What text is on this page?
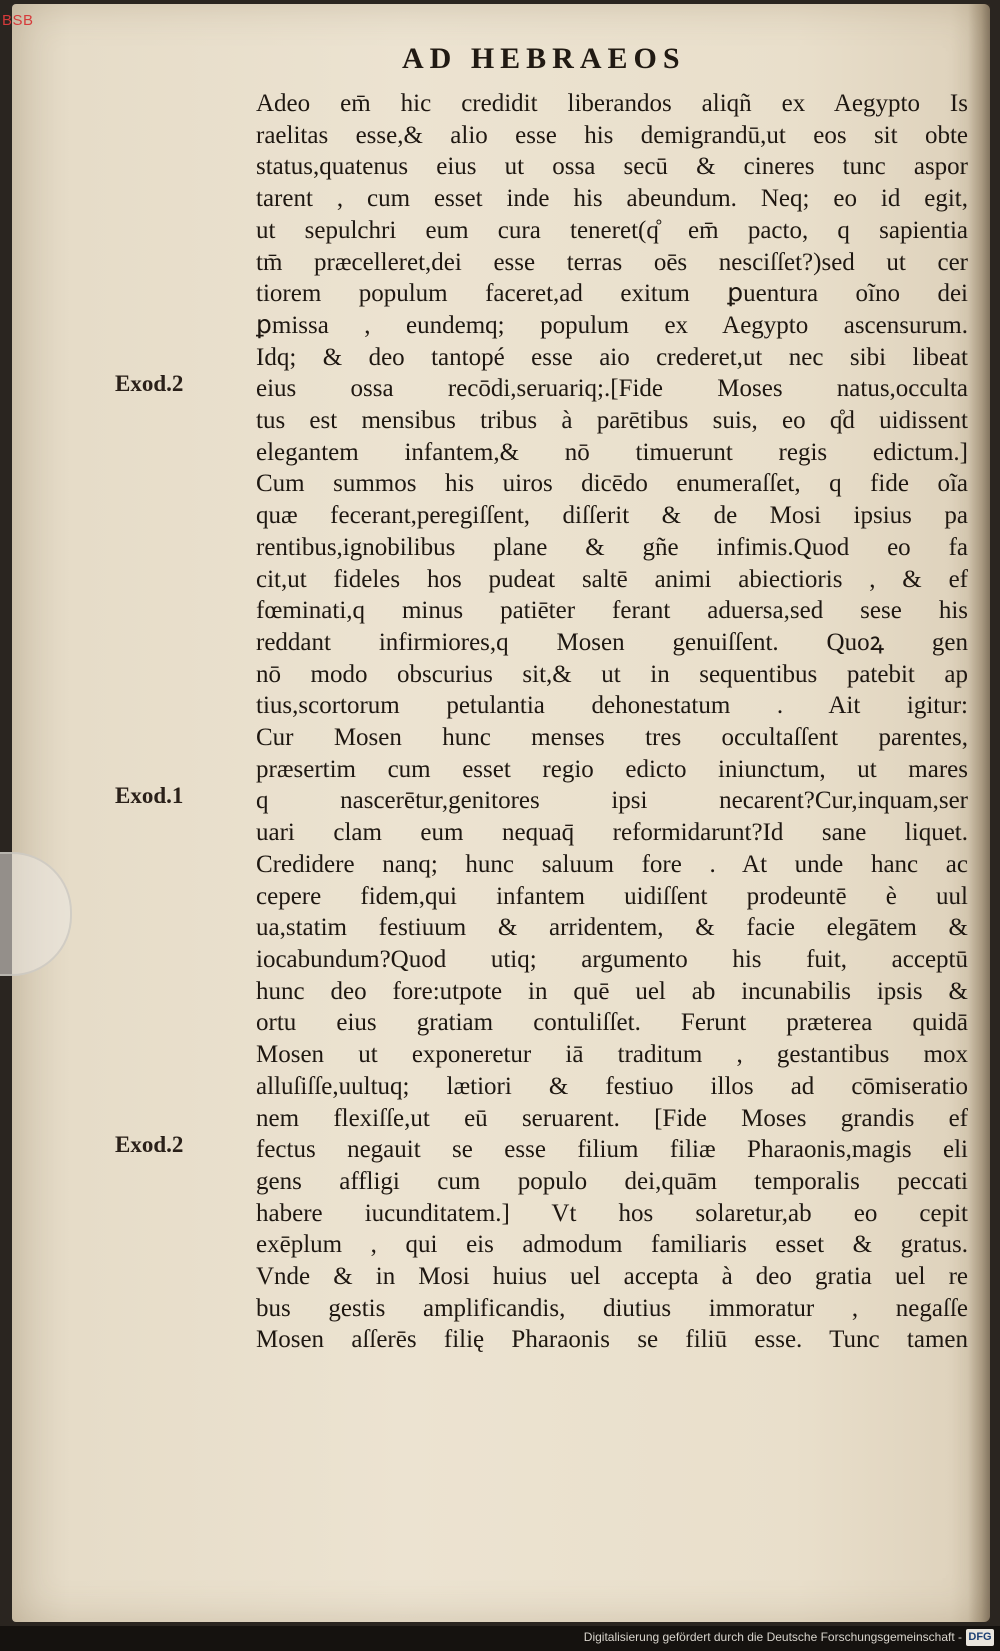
AD HEBRAEOS
Exod.2
Exod.1
Exod.2
Adeo em̄ hic credidit liberandos aliqñ ex Aegypto Is
raelitas esse,& alio esse his demigrandū,ut eos sit obte
status,quatenus eius ut ossa secū & cineres tunc aspor
tarent , cum esset inde his abeundum. Neq; eo id egit,
ut sepulchri eum cura teneret(q̊ em̄ pacto, q sapientia
tm̄ præcelleret,dei esse terras oēs nesciſſet?)sed ut cer
tiorem populum faceret,ad exitum ꝑuentura oĩno dei
ꝑmissa , eundemq; populum ex Aegypto ascensurum.
Idq; & deo tantopé esse aio crederet,ut nec sibi libeat
eius ossa recōdi,seruariq;.[Fide Moses natus,occulta
tus est mensibus tribus à parētibus suis, eo q̊d uidissent
elegantem infantem,& nō timuerunt regis edictum.]
Cum summos his uiros dicēdo enumeraſſet, q fide oĩa
quæ fecerant,peregiſſent, diſſerit & de Mosi ipsius pa
rentibus,ignobilibus plane & gñe infimis.Quod eo fa
cit,ut fideles hos pudeat saltē animi abiectioris , & ef
fœminati,q minus patiēter ferant aduersa,sed sese his
reddant infirmiores,q Mosen genuiſſent. Quoꝝ gen
nō modo obscurius sit,& ut in sequentibus patebit ap
tius,scortorum petulantia dehonestatum . Ait igitur:
Cur Mosen hunc menses tres occultaſſent parentes,
præsertim cum esset regio edicto iniunctum, ut mares
q nascerētur,genitores ipsi necarent?Cur,inquam,ser
uari clam eum nequaq̄ reformidarunt?Id sane liquet.
Credidere nanq; hunc saluum fore . At unde hanc ac
cepere fidem,qui infantem uidiſſent prodeuntē è uul
ua,statim festiuum & arridentem, & facie elegātem &
iocabundum?Quod utiq; argumento his fuit, acceptū
hunc deo fore:utpote in quē uel ab incunabilis ipsis &
ortu eius gratiam contuliſſet. Ferunt præterea quidā
Mosen ut exponeretur iā traditum , gestantibus mox
alluſiſſe,uultuq; lætiori & festiuo illos ad cōmiseratio
nem flexiſſe,ut eū seruarent. [Fide Moses grandis ef
fectus negauit se esse filium filiæ Pharaonis,magis eli
gens affligi cum populo dei,quām temporalis peccati
habere iucunditatem.] Vt hos solaretur,ab eo cepit
exēplum , qui eis admodum familiaris esset & gratus.
Vnde & in Mosi huius uel accepta à deo gratia uel re
bus gestis amplificandis, diutius immoratur , negaſſe
Mosen aſſerēs filię Pharaonis se filiū esse. Tunc tamen
BSB
Digitalisierung gefördert durch die Deutsche Forschungsgemeinschaft - DFG
